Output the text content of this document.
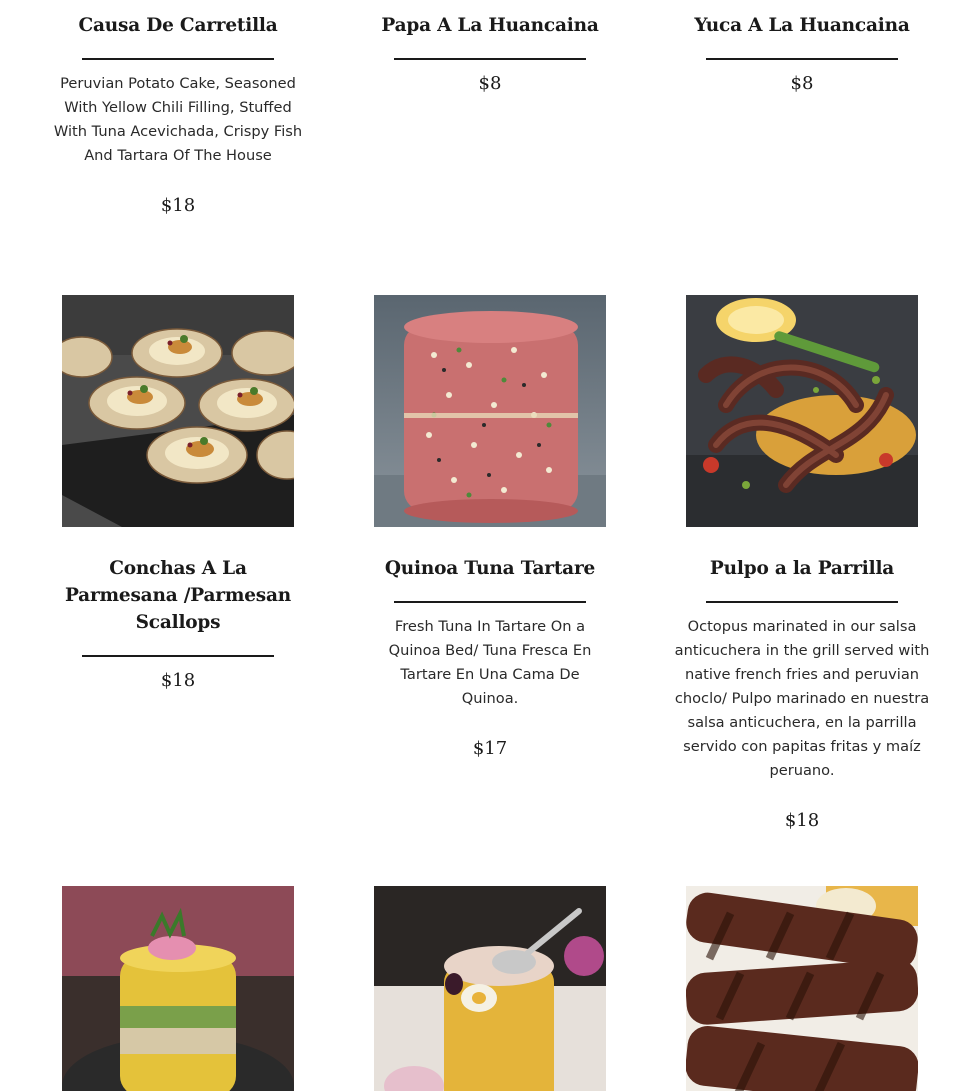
Causa De Carretilla

Peruvian Potato Cake, Seasoned With Yellow Chili Filling, Stuffed With Tuna Acevichada, Crispy Fish And Tartara Of The House

$18
Papa A La Huancaina
$8
Yuca A La Huancaina
$8
Conchas A La Parmesana /Parmesan Scallops
$18
Quinoa Tuna Tartare

Fresh Tuna In Tartare On a Quinoa Bed/ Tuna Fresca En Tartare En Una Cama De Quinoa.

$17
Pulpo a la Parrilla

Octopus marinated in our salsa anticuchera in the grill served with native french fries and peruvian choclo/ Pulpo marinado en nuestra salsa anticuchera, en la parrilla servido con papitas fritas y maíz peruano.

$18
